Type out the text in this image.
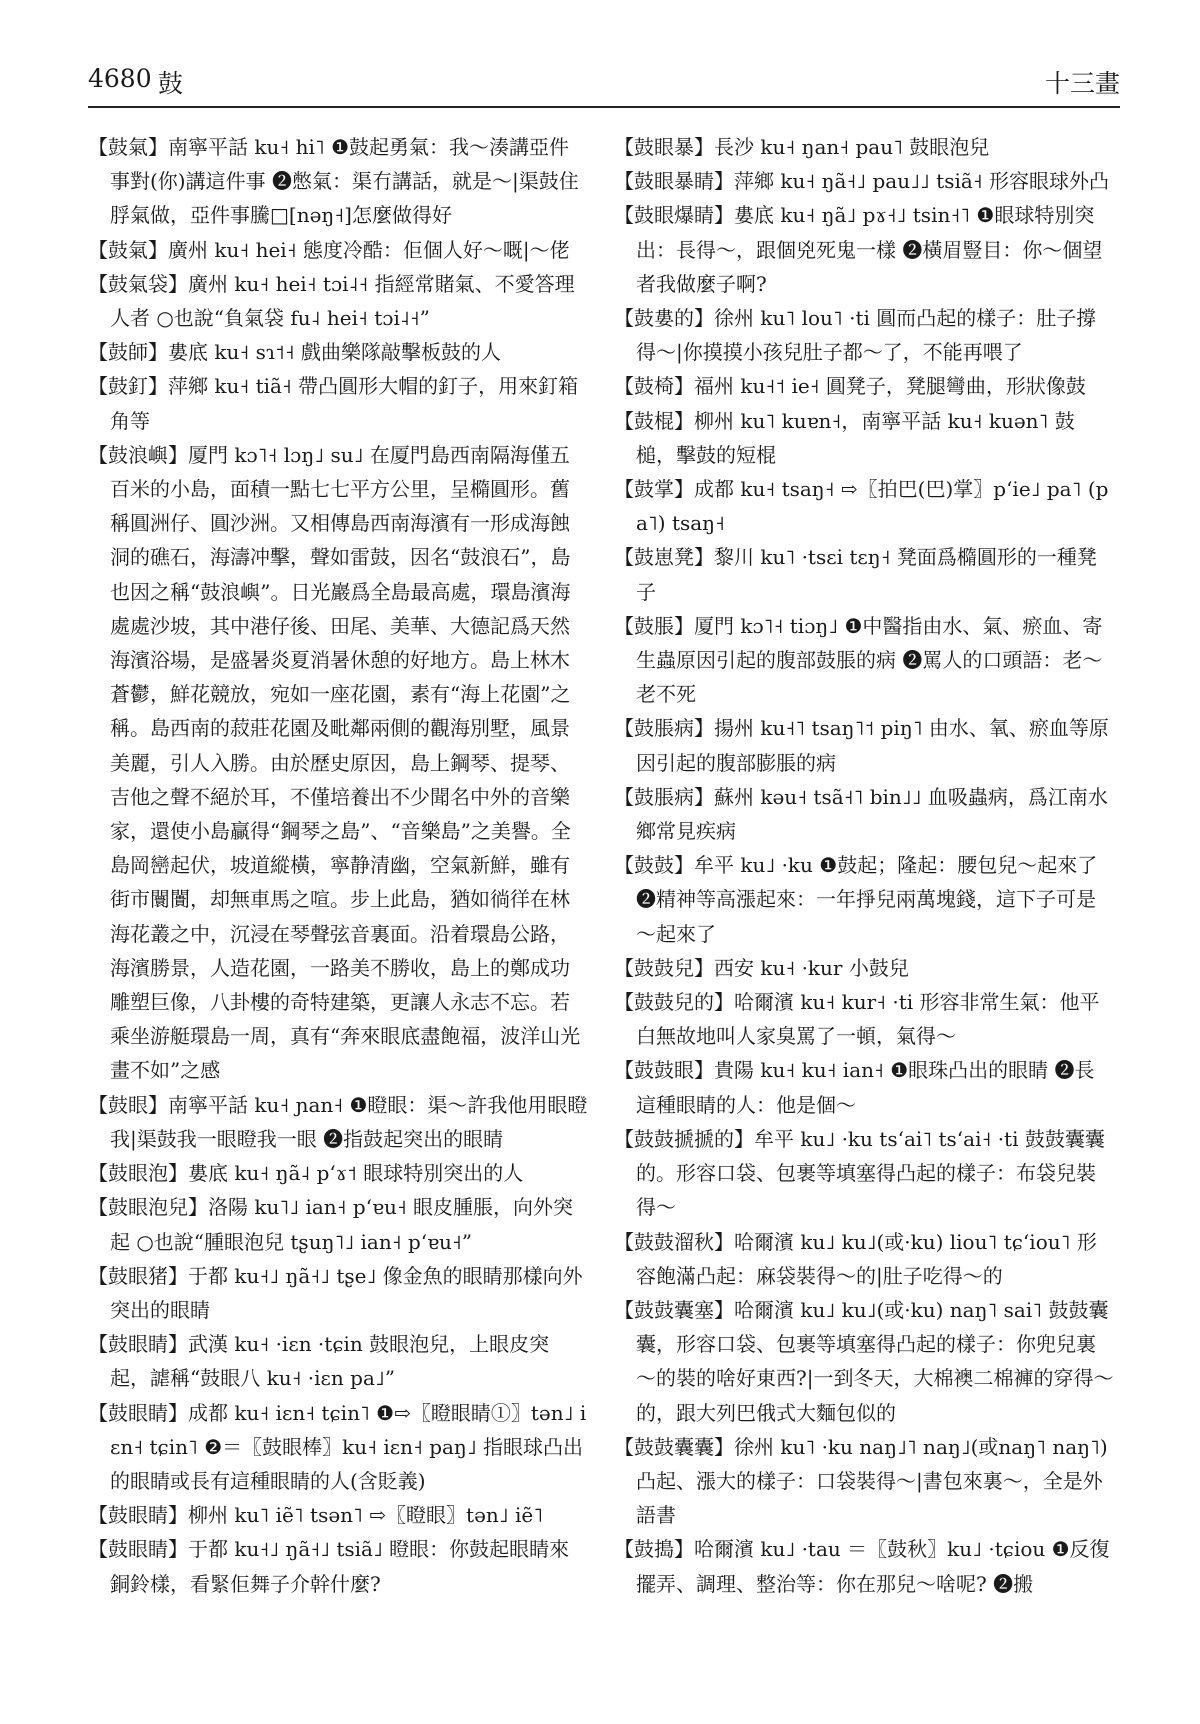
4680 鼓	十三畫

【鼓氣】南寧平話 ku˧ hi˥ ❶鼓起勇氣：我～湊講亞件事對(你)講這件事 ❷憋氣：渠冇講話，就是～|渠鼓住脬氣做，亞件事騰□[nəŋ˧]怎麼做得好

【鼓氣】廣州 ku˧ hei˧ 態度冷酷：佢個人好～嘅|～佬

【鼓氣袋】廣州 ku˧ hei˧ tɔi˨˧ 指經常賭氣、不愛答理人者 ○也說“負氣袋 fu˨ hei˧ tɔi˨˧”

【鼓師】婁底 ku˧ sɿ˦˧ 戲曲樂隊敲擊板鼓的人

【鼓釘】萍鄉 ku˧ tiã˧ 帶凸圓形大帽的釘子，用來釘箱角等

【鼓浪嶼】厦門 kɔ˥˧ lɔŋ˩ su˩ 在厦門島西南隔海僅五百米的小島，面積一點七七平方公里，呈橢圓形。舊稱圓洲仔、圓沙洲。又相傳島西南海濱有一形成海蝕洞的礁石，海濤冲擊，聲如雷鼓，因名“鼓浪石”，島也因之稱“鼓浪嶼”。日光巖爲全島最高處，環島濱海處處沙坡，其中港仔後、田尾、美華、大德記爲天然海濱浴場，是盛暑炎夏消暑休憩的好地方。島上林木蒼鬱，鮮花競放，宛如一座花園，素有“海上花園”之稱。島西南的菽莊花園及毗鄰兩側的觀海別墅，風景美麗，引人入勝。由於歷史原因，島上鋼琴、提琴、吉他之聲不絕於耳，不僅培養出不少聞名中外的音樂家，還使小島贏得“鋼琴之島”、“音樂島”之美譽。全島岡巒起伏，坡道縱橫，寧静清幽，空氣新鮮，雖有街市闤闠，却無車馬之喧。步上此島，猶如徜徉在林海花叢之中，沉浸在琴聲弦音裏面。沿着環島公路，海濱勝景，人造花園，一路美不勝收，島上的鄭成功雕塑巨像，八卦樓的奇特建築，更讓人永志不忘。若乘坐游艇環島一周，真有“奔來眼底盡飽福，波洋山光畫不如”之感

【鼓眼】南寧平話 ku˧ ɲan˧ ❶瞪眼：渠～許我他用眼瞪我|渠鼓我一眼瞪我一眼 ❷指鼓起突出的眼睛

【鼓眼泡】婁底 ku˧ ŋã˨ pʻɤ˦ 眼球特別突出的人

【鼓眼泡兒】洛陽 ku˥˩ ian˧ pʻɐu˧ 眼皮腫脹，向外突起 ○也說“腫眼泡兒 tʂuŋ˥˩ ian˧ pʻɐu˧”

【鼓眼猪】于都 ku˧˩ ŋã˧˩ tʂe˩ 像金魚的眼睛那樣向外突出的眼睛

【鼓眼睛】武漢 ku˧ ·iɛn ·tɕin 鼓眼泡兒，上眼皮突起，謔稱“鼓眼八 ku˧ ·iɛn pa˩”

【鼓眼睛】成都 ku˧ iɛn˧ tɕin˥ ❶⇨〖瞪眼睛①〗tən˩ iɛn˧ tɕin˥ ❷＝〖鼓眼棒〗ku˧ iɛn˧ paŋ˩ 指眼球凸出的眼睛或長有這種眼睛的人(含貶義)

【鼓眼睛】柳州 ku˥ iẽ˥ tsən˥ ⇨〖瞪眼〗tən˩ iẽ˥

【鼓眼睛】于都 ku˧˩ ŋã˧˩ tsiã˩ 瞪眼：你鼓起眼睛來銅鈴樣，看緊佢舞子介幹什麼?

【鼓眼暴】長沙 ku˧ ŋan˧ pau˥ 鼓眼泡兒

【鼓眼暴睛】萍鄉 ku˧ ŋã˧˩ pau˩˩ tsiã˧ 形容眼球外凸

【鼓眼爆睛】婁底 ku˧ ŋã˩ pɤ˧˩ tsin˧˥ ❶眼球特別突出：長得～，跟個兇死鬼一樣 ❷橫眉豎目：你～個望者我做麼子啊?

【鼓婁的】徐州 ku˥ lou˥ ·ti 圓而凸起的樣子：肚子撐得～|你摸摸小孩兒肚子都～了，不能再喂了

【鼓椅】福州 ku˧˦ ie˧ 圓凳子，凳腿彎曲，形狀像鼓

【鼓棍】柳州 ku˥ kuɐn˧，南寧平話 ku˧ kuən˥ 鼓槌，擊鼓的短棍

【鼓掌】成都 ku˧ tsaŋ˧ ⇨〖拍巴(巴)掌〗pʻie˩ pa˥ (pa˥) tsaŋ˧

【鼓崽凳】黎川 ku˥ ·tsɛi tɛŋ˧ 凳面爲橢圓形的一種凳子

【鼓脹】厦門 kɔ˥˧ tiɔŋ˩ ❶中醫指由水、氣、瘀血、寄生蟲原因引起的腹部鼓脹的病 ❷罵人的口頭語：老～老不死

【鼓脹病】揚州 ku˧˥ tsaŋ˥˦ piŋ˥ 由水、氧、瘀血等原因引起的腹部膨脹的病

【鼓脹病】蘇州 kəu˧ tsã˧˥ bin˩˩ 血吸蟲病，爲江南水鄉常見疾病

【鼓鼓】牟平 ku˩ ·ku ❶鼓起；隆起：腰包兒～起來了 ❷精神等高漲起來：一年掙兒兩萬塊錢，這下子可是～起來了

【鼓鼓兒】西安 ku˧ ·kur 小鼓兒

【鼓鼓兒的】哈爾濱 ku˧ kur˧ ·ti 形容非常生氣：他平白無故地叫人家臭罵了一頓，氣得～

【鼓鼓眼】貴陽 ku˧ ku˧ ian˧ ❶眼珠凸出的眼睛 ❷長這種眼睛的人：他是個～

【鼓鼓搋搋的】牟平 ku˩ ·ku tsʻai˥ tsʻai˧ ·ti 鼓鼓囊囊的。形容口袋、包裹等填塞得凸起的樣子：布袋兒裝得～

【鼓鼓溜秋】哈爾濱 ku˩ ku˩(或·ku) liou˥ tɕʻiou˥ 形容飽滿凸起：麻袋裝得～的|肚子吃得～的

【鼓鼓囊塞】哈爾濱 ku˩ ku˩(或·ku) naŋ˥ sai˥ 鼓鼓囊囊，形容口袋、包裹等填塞得凸起的樣子：你兜兒裏～的裝的啥好東西?|一到冬天，大棉襖二棉褲的穿得～的，跟大列巴俄式大麵包似的

【鼓鼓囊囊】徐州 ku˥ ·ku naŋ˩˥ naŋ˩(或naŋ˥ naŋ˥) 凸起、漲大的樣子：口袋裝得～|書包來裏～，全是外語書

【鼓搗】哈爾濱 ku˩ ·tau ＝〖鼓秋〗ku˩ ·tɕiou ❶反復擺弄、調理、整治等：你在那兒～啥呢? ❷搬
